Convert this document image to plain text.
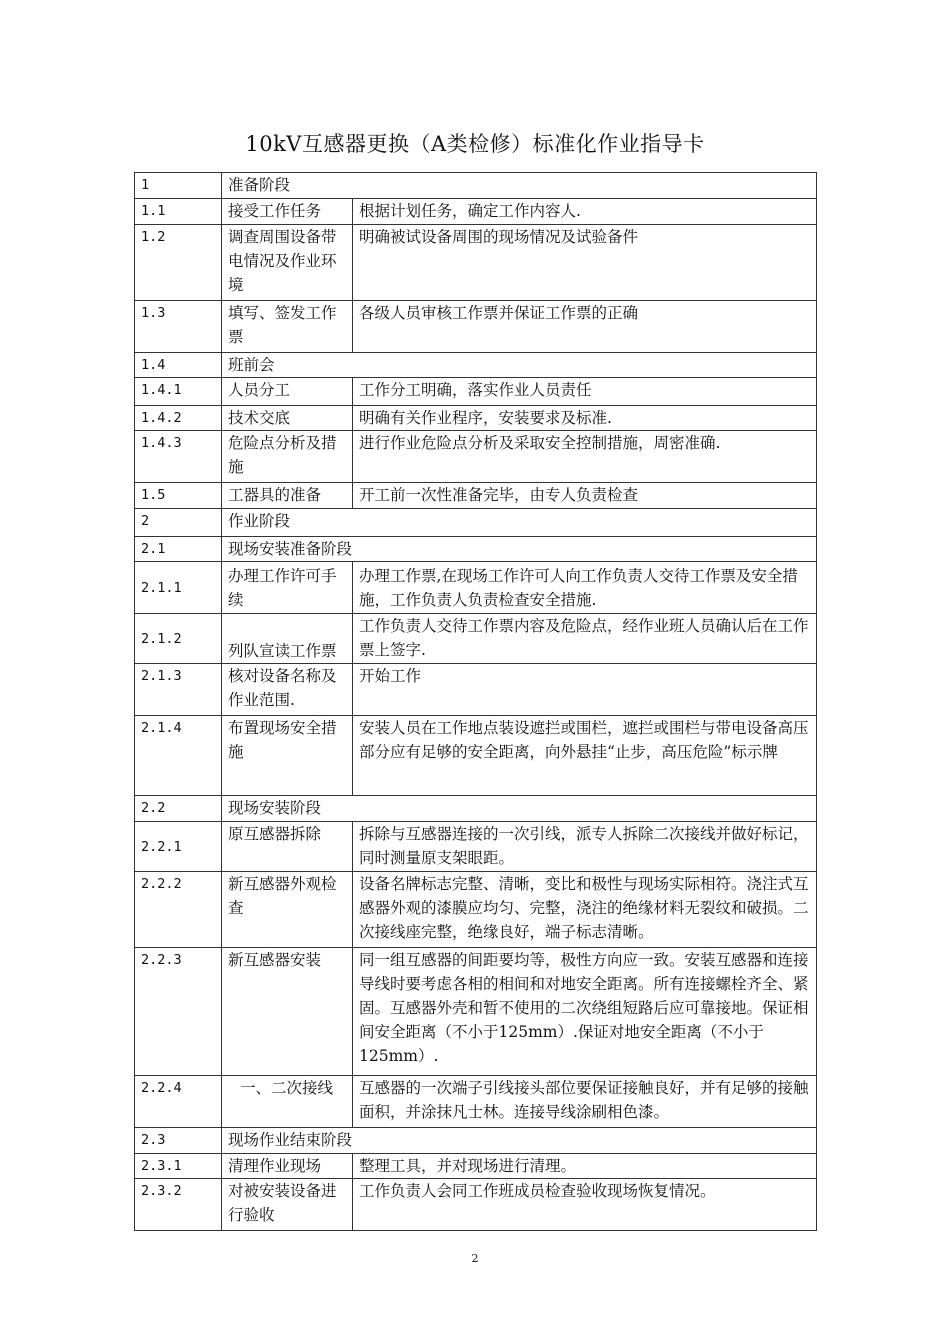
10kV互感器更换（A类检修）标准化作业指导卡
1	准备阶段	
1.1	接受工作任务	根据计划任务，确定工作内容人.
1.2	调查周围设备带电情况及作业环境	明确被试设备周围的现场情况及试验备件
1.3	填写、签发工作票	各级人员审核工作票并保证工作票的正确
1.4	班前会	
1.4.1	人员分工	工作分工明确，落实作业人员责任
1.4.2	技术交底	明确有关作业程序，安装要求及标准.
1.4.3	危险点分析及措施	进行作业危险点分析及采取安全控制措施，周密准确.
1.5	工器具的准备	开工前一次性准备完毕，由专人负责检查
2	作业阶段	
2.1	现场安装准备阶段	
2.1.1	办理工作许可手续	办理工作票,在现场工作许可人向工作负责人交待工作票及安全措施，工作负责人负责检查安全措施.
2.1.2	列队宣读工作票	工作负责人交待工作票内容及危险点，经作业班人员确认后在工作票上签字.
2.1.3	核对设备名称及作业范围.	开始工作
2.1.4	布置现场安全措施	安装人员在工作地点装设遮拦或围栏，遮拦或围栏与带电设备高压部分应有足够的安全距离，向外悬挂“止步，高压危险”标示牌
2.2	现场安装阶段	
2.2.1	原互感器拆除	拆除与互感器连接的一次引线，派专人拆除二次接线并做好标记，同时测量原支架眼距。
2.2.2	新互感器外观检查	设备名牌标志完整、清晰，变比和极性与现场实际相符。浇注式互感器外观的漆膜应均匀、完整，浇注的绝缘材料无裂纹和破损。二次接线座完整，绝缘良好，端子标志清晰。
2.2.3	新互感器安装	同一组互感器的间距要均等，极性方向应一致。安装互感器和连接导线时要考虑各相的相间和对地安全距离。所有连接螺栓齐全、紧固。互感器外壳和暂不使用的二次绕组短路后应可靠接地。保证相间安全距离（不小于125mm）.保证对地安全距离（不小于125mm）.
2.2.4	一、二次接线	互感器的一次端子引线接头部位要保证接触良好，并有足够的接触面积，并涂抹凡士林。连接导线涂刷相色漆。
2.3	现场作业结束阶段	
2.3.1	清理作业现场	整理工具，并对现场进行清理。
2.3.2	对被安装设备进行验收	工作负责人会同工作班成员检查验收现场恢复情况。
2
